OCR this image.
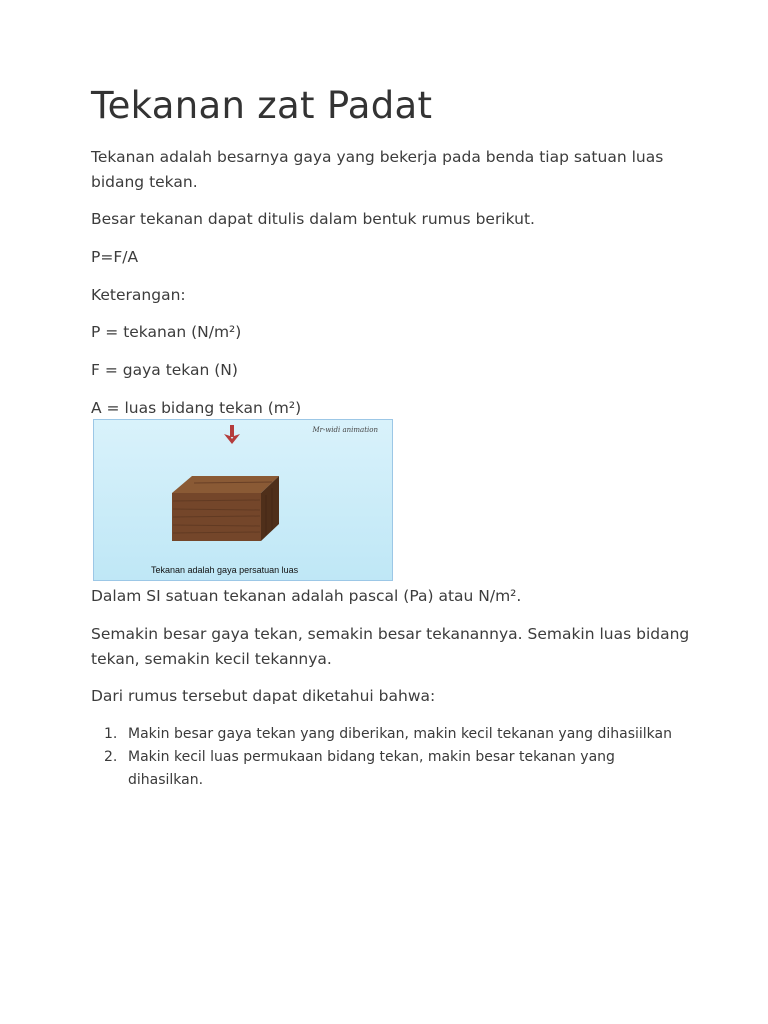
Tekanan zat Padat

Tekanan adalah besarnya gaya yang bekerja pada benda tiap satuan luas bidang tekan.

Besar tekanan dapat ditulis dalam bentuk rumus berikut.

P=F/A

Keterangan:

P = tekanan (N/m²)

F = gaya tekan (N)

A = luas bidang tekan (m²)

Mr-widi animation
Tekanan adalah gaya persatuan luas

Dalam SI satuan tekanan adalah pascal (Pa) atau N/m².

Semakin besar gaya tekan, semakin besar tekanannya. Semakin luas bidang tekan, semakin kecil tekannya.

Dari rumus tersebut dapat diketahui bahwa:

1. Makin besar gaya tekan yang diberikan, makin kecil tekanan yang dihasiilkan
2. Makin kecil luas permukaan bidang tekan, makin besar tekanan yang dihasilkan.
